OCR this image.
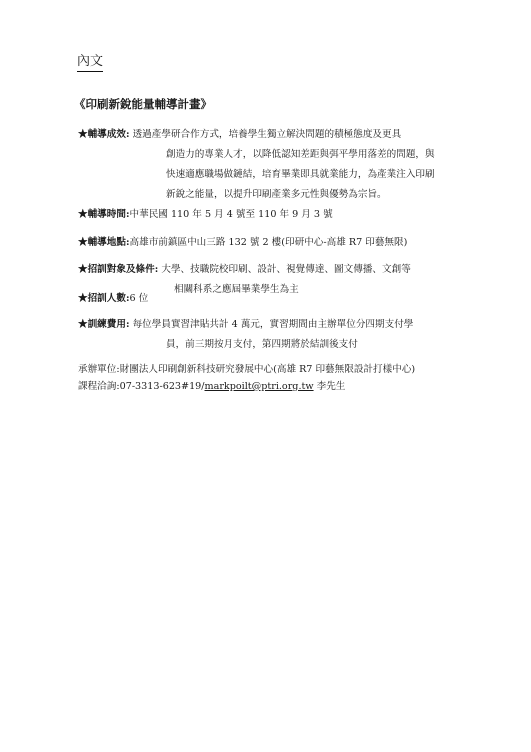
內文
《印刷新銳能量輔導計畫》
★輔導成效: 透過產學研合作方式，培養學生獨立解決問題的積極態度及更具
創造力的專業人才，以降低認知差距與弭平學用落差的問題，與
快速適應職場做鏈結，培育畢業即具就業能力，為產業注入印刷
新銳之能量，以提升印刷產業多元性與優勢為宗旨。
★輔導時間:中華民國 110 年 5 月 4 號至 110 年 9 月 3 號
★輔導地點:高雄市前鎮區中山三路 132 號 2 樓(印研中心-高雄 R7 印藝無限)
★招訓對象及條件: 大學、技職院校印刷、設計、視覺傳達、圖文傳播、文創等
相關科系之應屆畢業學生為主
★招訓人數:6 位
★訓練費用: 每位學員實習津貼共計 4 萬元，實習期間由主辦單位分四期支付學
員，前三期按月支付，第四期將於結訓後支付
承辦單位:財團法人印刷創新科技研究發展中心(高雄 R7 印藝無限設計打樣中心)
課程洽詢:07-3313-623#19/markpoilt@ptri.org.tw 李先生
